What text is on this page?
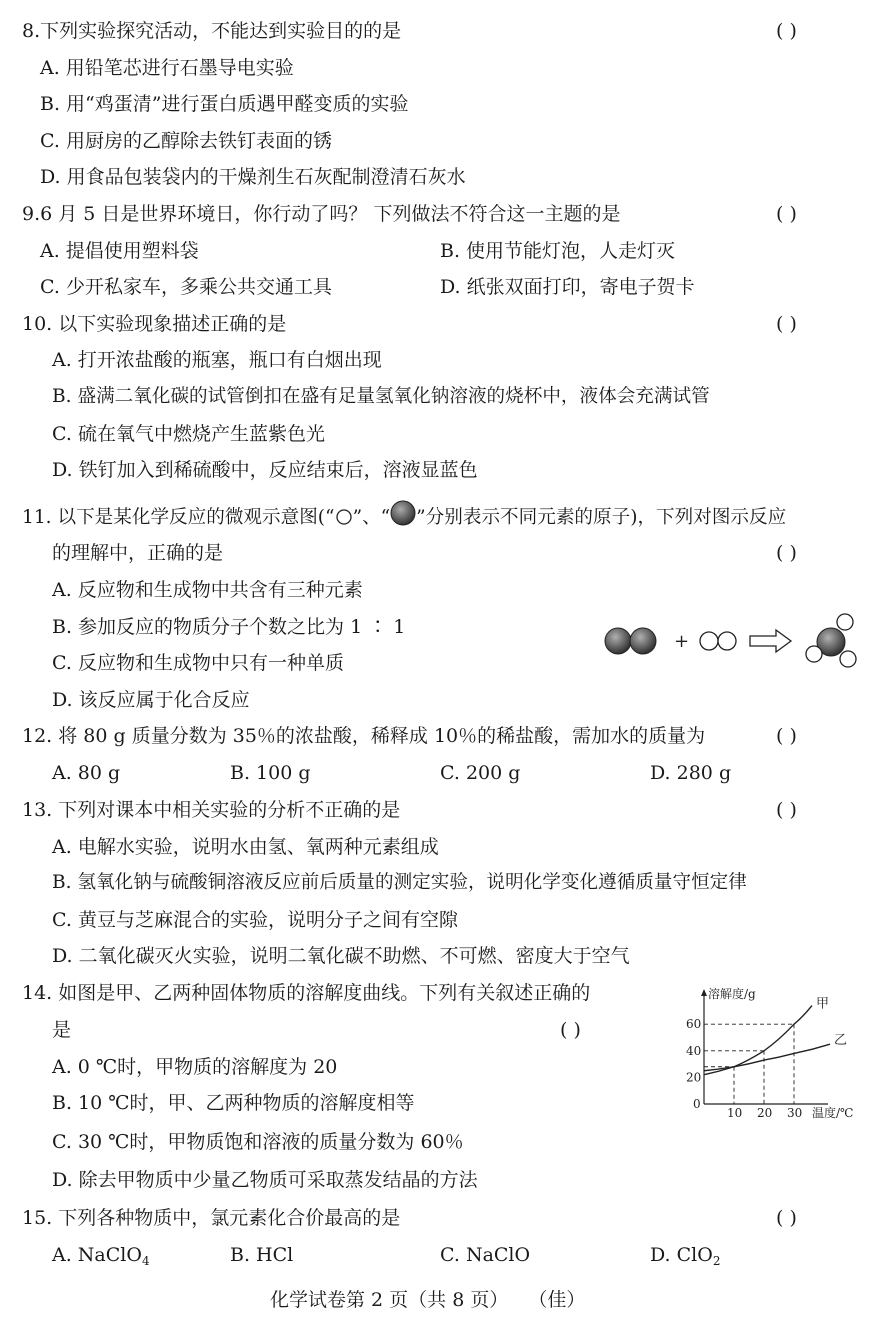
8.下列实验探究活动，不能达到实验目的的是	( )
A. 用铅笔芯进行石墨导电实验
B. 用“鸡蛋清”进行蛋白质遇甲醛变质的实验
C. 用厨房的乙醇除去铁钉表面的锈
D. 用食品包装袋内的干燥剂生石灰配制澄清石灰水
9.6 月 5 日是世界环境日，你行动了吗？ 下列做法不符合这一主题的是	( )
A. 提倡使用塑料袋	B. 使用节能灯泡，人走灯灭
C. 少开私家车，多乘公共交通工具	D. 纸张双面打印，寄电子贺卡
10. 以下实验现象描述正确的是	( )
A. 打开浓盐酸的瓶塞，瓶口有白烟出现
B. 盛满二氧化碳的试管倒扣在盛有足量氢氧化钠溶液的烧杯中，液体会充满试管
C. 硫在氧气中燃烧产生蓝紫色光
D. 铁钉加入到稀硫酸中，反应结束后，溶液显蓝色
11. 以下是某化学反应的微观示意图(“ ”、“ ”分别表示不同元素的原子)，下列对图示反应
的理解中，正确的是	( )
A. 反应物和生成物中共含有三种元素
B. 参加反应的物质分子个数之比为 1 ∶ 1
C. 反应物和生成物中只有一种单质
D. 该反应属于化合反应
+
12. 将 80 g 质量分数为 35％的浓盐酸，稀释成 10％的稀盐酸，需加水的质量为	( )
A. 80 g	B. 100 g	C. 200 g	D. 280 g
13. 下列对课本中相关实验的分析不正确的是	( )
A. 电解水实验，说明水由氢、氧两种元素组成
B. 氢氧化钠与硫酸铜溶液反应前后质量的测定实验，说明化学变化遵循质量守恒定律
C. 黄豆与芝麻混合的实验，说明分子之间有空隙
D. 二氧化碳灭火实验，说明二氧化碳不助燃、不可燃、密度大于空气
14. 如图是甲、乙两种固体物质的溶解度曲线。下列有关叙述正确的
是	( )
A. 0 ℃时，甲物质的溶解度为 20
B. 10 ℃时，甲、乙两种物质的溶解度相等
C. 30 ℃时，甲物质饱和溶液的质量分数为 60％
D. 除去甲物质中少量乙物质可采取蒸发结晶的方法
溶解度/g
温度/℃
0
10 20 30
20
40
60
甲
乙
15. 下列各种物质中，氯元素化合价最高的是	( )
A. NaClO$_4$	B. HCl	C. NaClO	D. ClO$_2$
化学试卷第 2 页（共 8 页） （佳）
